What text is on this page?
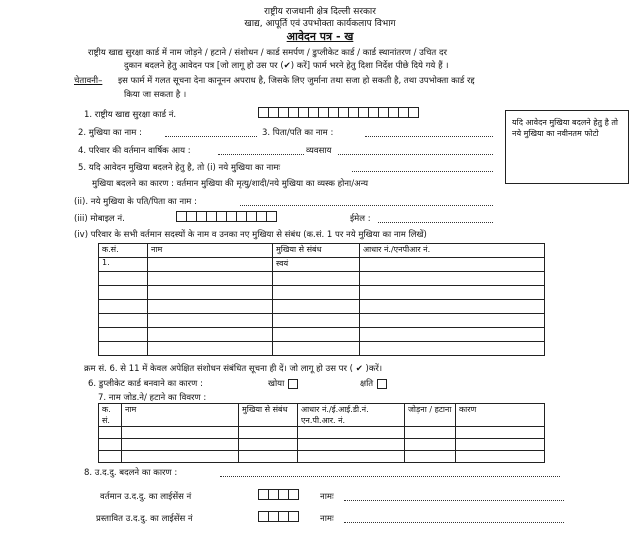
राष्ट्रीय राजधानी क्षेत्र दिल्ली सरकार
खाद्य, आपूर्ति एवं उपभोक्ता कार्यकलाप विभाग
आवेदन पत्र - ख
राष्ट्रीय खाद्य सुरक्षा कार्ड में नाम जोड़ने / हटाने / संशोधन / कार्ड समर्पण / डुप्लीकेट कार्ड / कार्ड स्थानांतरण / उचित दर
दुकान बदलने हेतु आवेदन पत्र [जो लागू हो उस पर (✔) करें] फार्म भरने हेतु दिशा निर्देश पीछे दिये गये हैं ।
चेतावनी– इस फार्म में गलत सूचना देना कानूनन अपराध है, जिसके लिए जुर्माना तथा सजा हो सकती है, तथा उपभोक्ता कार्ड रद्द
किया जा सकता है ।
यदि आवेदन मुखिया बदलने हेतु है तो नये मुखिया का नवीनतम फोटो
1. राष्ट्रीय खाद्य सुरक्षा कार्ड नं.
2. मुखिया का नाम :	3. पिता/पति का नाम :
4. परिवार की वर्तमान वार्षिक आय :	व्यवसाय
5. यदि आवेदन मुखिया बदलने हेतु है, तो (i) नये मुखिया का नामः
मुखिया बदलने का कारण : वर्तमान मुखिया की मृत्यु/शादी/नये मुखिया का व्यस्क होना/अन्य
(ii). नये मुखिया के पति/पिता का नाम :
(iii) मोबाइल नं.	ईमेल :
(iv) परिवार के सभी वर्तमान सदस्यों के नाम व उनका नए मुखिया से संबंध (क.सं. 1 पर नये मुखिया का नाम लिखें)
क.सं.	नाम	मुखिया से संबंध	आधार नं./एनपीआर नं.
1.		स्वयं	

क्रम सं. 6. से 11 में केवल अपेक्षित संशोधन संबंधित सूचना ही दें। जो लागू हो उस पर ( ✔ )करें।
6. डुप्लीकेट कार्ड बनवाने का कारण :	खोया	क्षति
7. नाम जोड.ने/ हटाने का विवरण :
क. सं.	नाम	मुखिया से संबंध	आधार नं./ई.आई.डी.नं. एन.पी.आर. नं.	जोड़ना / हटाना	कारण

8. उ.द.दु. बदलने का कारण :
वर्तमान उ.द.दु. का लाईसेंस नं	नामः
प्रस्तावित उ.द.दु. का लाईसेंस नं	नामः
